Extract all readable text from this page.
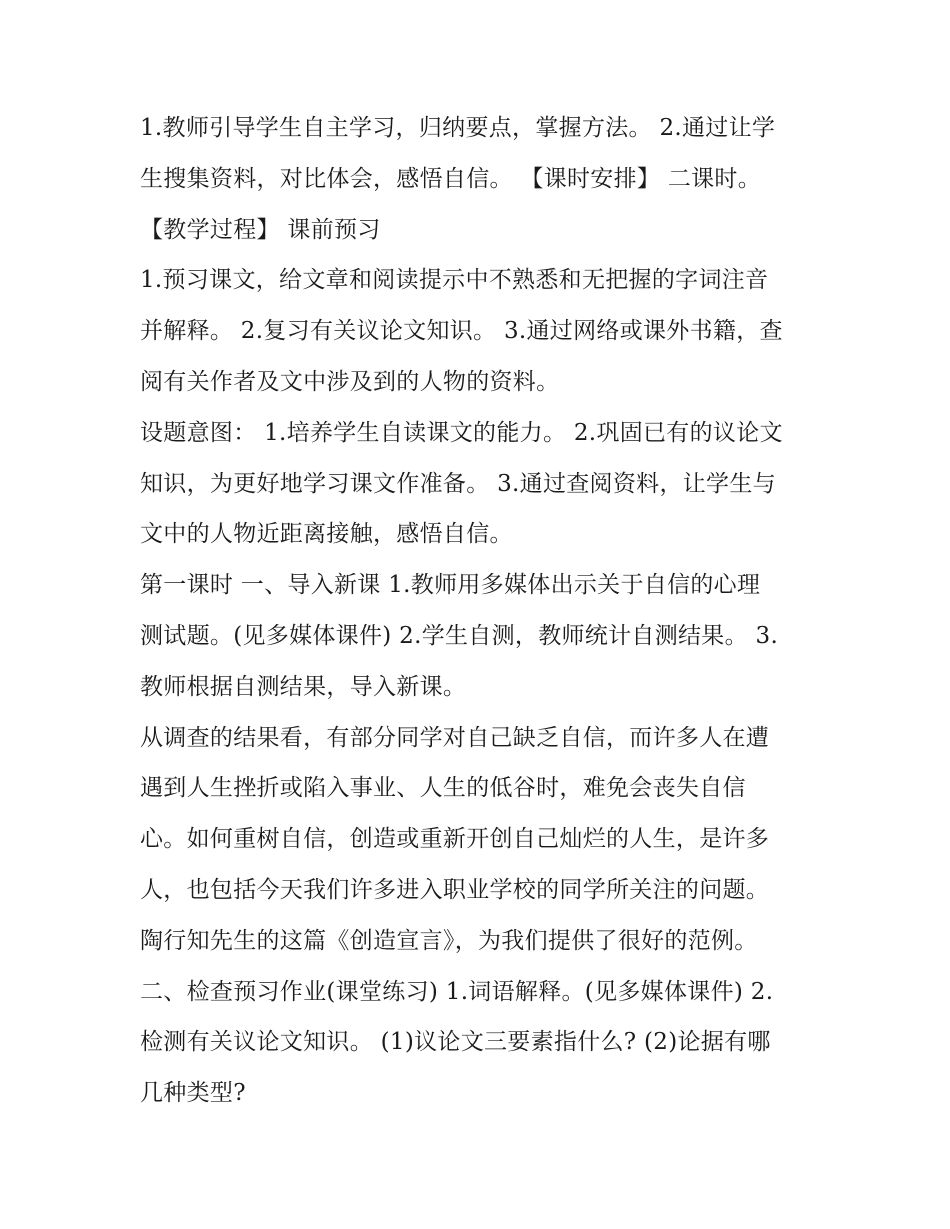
1.教师引导学生自主学习，归纳要点，掌握方法。 2.通过让学
生搜集资料，对比体会，感悟自信。 【课时安排】 二课时。
【教学过程】 课前预习
1.预习课文，给文章和阅读提示中不熟悉和无把握的字词注音
并解释。 2.复习有关议论文知识。 3.通过网络或课外书籍，查
阅有关作者及文中涉及到的人物的资料。
设题意图： 1.培养学生自读课文的能力。 2.巩固已有的议论文
知识，为更好地学习课文作准备。 3.通过查阅资料，让学生与
文中的人物近距离接触，感悟自信。
第一课时 一、导入新课 1.教师用多媒体出示关于自信的心理
测试题。(见多媒体课件) 2.学生自测，教师统计自测结果。 3.
教师根据自测结果，导入新课。
从调查的结果看，有部分同学对自己缺乏自信，而许多人在遭
遇到人生挫折或陷入事业、人生的低谷时，难免会丧失自信
心。如何重树自信，创造或重新开创自己灿烂的人生，是许多
人，也包括今天我们许多进入职业学校的同学所关注的问题。
陶行知先生的这篇《创造宣言》，为我们提供了很好的范例。
二、检查预习作业(课堂练习) 1.词语解释。(见多媒体课件) 2.
检测有关议论文知识。 (1)议论文三要素指什么? (2)论据有哪
几种类型?
